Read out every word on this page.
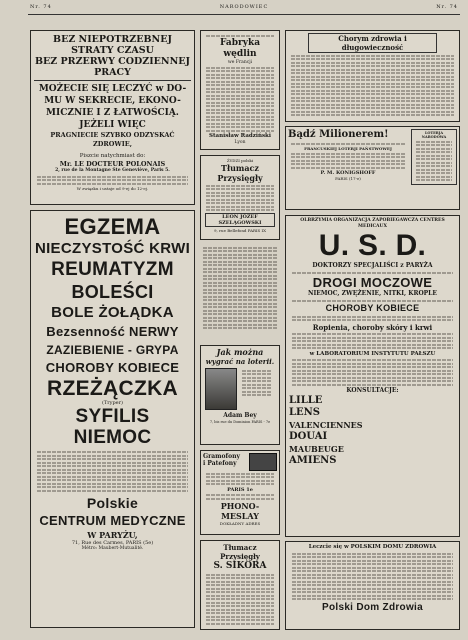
Nr. 74	NARODOWIEC	Nr. 74
BEZ NIEPOTRZEBNEJ STRATY CZASU
BEZ PRZERWY CODZIENNEJ PRACY
MOŻECIE SIĘ LECZYĆ w DO-
MU W SEKRECIE, EKONO-
MICZNIE I Z ŁATWOŚCIĄ.
JEŻELI WIĘC
PRAGNIECIE SZYBKO ODZYSKAĆ ZDROWIE,
Piszcie natychmiast do:
Mr. LE DOCTEUR POLONAIS
2, rue de la Montagne Ste Geneviève, Paris 5.
W związku i ustaje od 9-ej do 12-ej.
EGZEMA
NIECZYSTOŚĆ KRWI
REUMATYZM
BOLEŚCI
BOLE ŻOŁĄDKA
Bezsenność NERWY
ZAZIEBIENIE - GRYPA
CHOROBY KOBIECE
RZEŻĄCZKA
(Tryper)
SYFILIS
NIEMOC
Polskie
CENTRUM MEDYCZNE
W PARYŻU,
71, Rue des Carmes, PARIS (5e)
Métro: Maubert-Mutualité.
Fabryka wędlin
we Francji
Stanisław Radziński
Lyon
ŻYDZI polski
Tłumacz Przysięgły
LEON JÓZEF SZELĄGOWSKI
9, rue Bellefond PARIS IX
Jak można
wygrać na loterii.
Adam Bey
7, bis rue du Dominion PARIS - 7e
Gramofony
i Patefony
PARIS 1e
PHONO-MESLAY
DOKŁADNY ADRES
Tłumacz Przysięgły
S. SIKORA
Chorym zdrowia i długowieczność
Bądź Milionerem!
FRANCUSKIEJ LOTERJI PAŃSTWOWEJ
P. M. KONIGSHOFF
PARIS (17-e)
LOTERJA NARODOWA
OLBRZYMIA ORGANIZACJA ZAPOBIEGAWCZA CENTRES MEDICAUX
U. S. D.
DOKTORZY SPECJALIŚCI z PARYŻA
DROGI MOCZOWE
NIEMOC, ZWĘŻENIE, NITKI, KROPLE
CHOROBY KOBIECE
Ropienia, choroby skóry i krwi
w LABORATORIUM INSTYTUTU PAŁSZU
KONSULTACJE:
LILLE
LENS
VALENCIENNES
DOUAI
MAUBEUGE
AMIENS
Leczcie się w POLSKIM DOMU ZDROWIA
Polski Dom Zdrowia
